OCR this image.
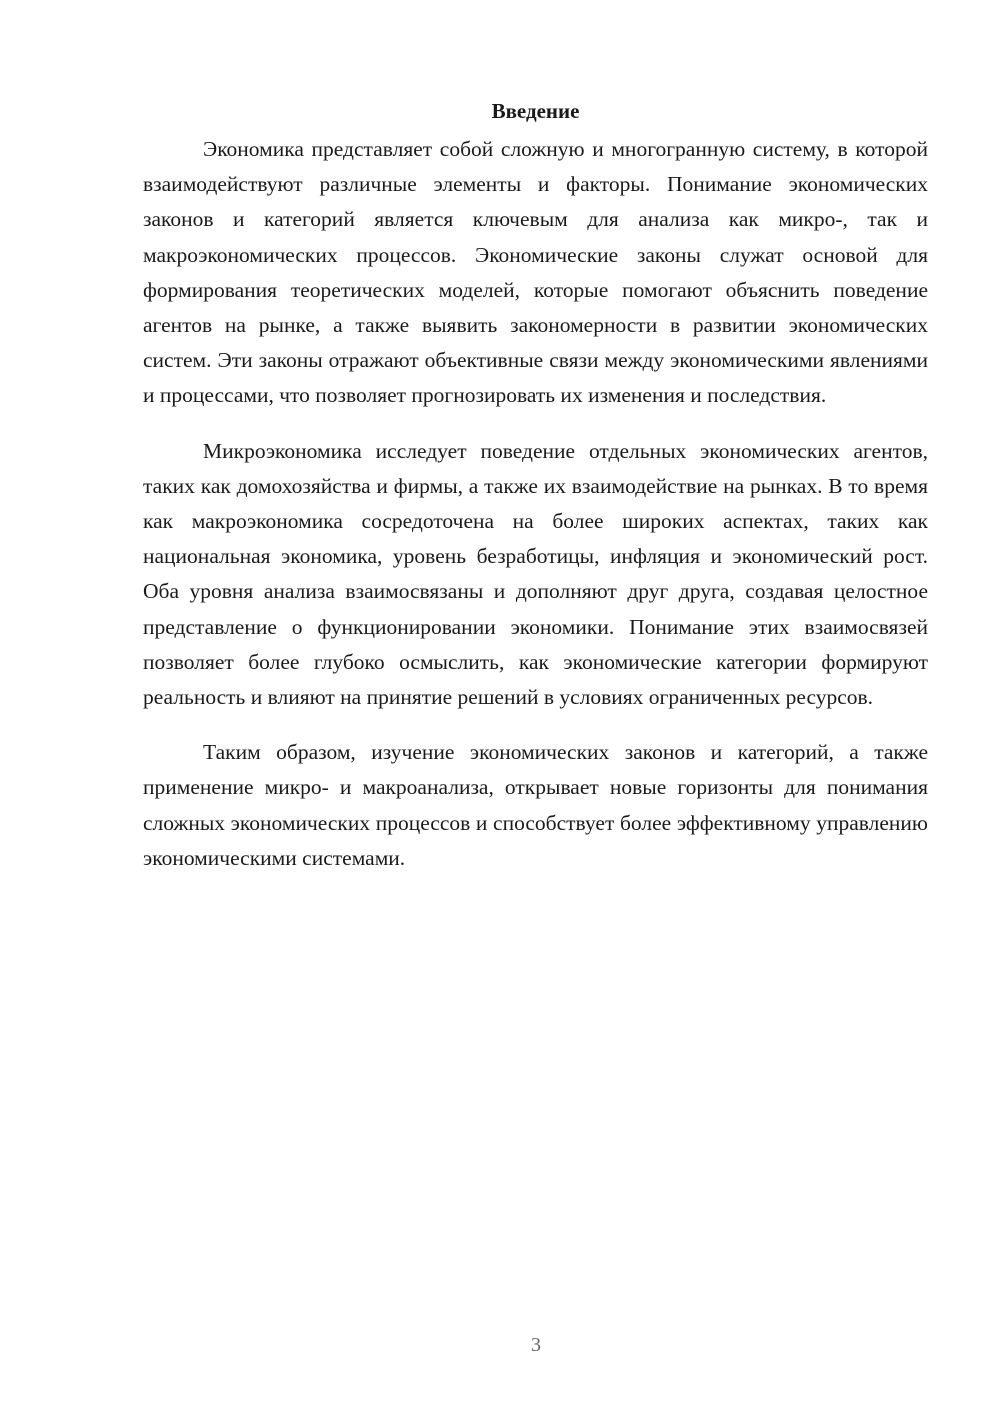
Введение

Экономика представляет собой сложную и многогранную систему, в которой взаимодействуют различные элементы и факторы. Понимание экономических законов и категорий является ключевым для анализа как микро-, так и макроэкономических процессов. Экономические законы служат основой для формирования теоретических моделей, которые помогают объяснить поведение агентов на рынке, а также выявить закономерности в развитии экономических систем. Эти законы отражают объективные связи между экономическими явлениями и процессами, что позволяет прогнозировать их изменения и последствия.

Микроэкономика исследует поведение отдельных экономических агентов, таких как домохозяйства и фирмы, а также их взаимодействие на рынках. В то время как макроэкономика сосредоточена на более широких аспектах, таких как национальная экономика, уровень безработицы, инфляция и экономический рост. Оба уровня анализа взаимосвязаны и дополняют друг друга, создавая целостное представление о функционировании экономики. Понимание этих взаимосвязей позволяет более глубоко осмыслить, как экономические категории формируют реальность и влияют на принятие решений в условиях ограниченных ресурсов.

Таким образом, изучение экономических законов и категорий, а также применение микро- и макроанализа, открывает новые горизонты для понимания сложных экономических процессов и способствует более эффективному управлению экономическими системами.

3
